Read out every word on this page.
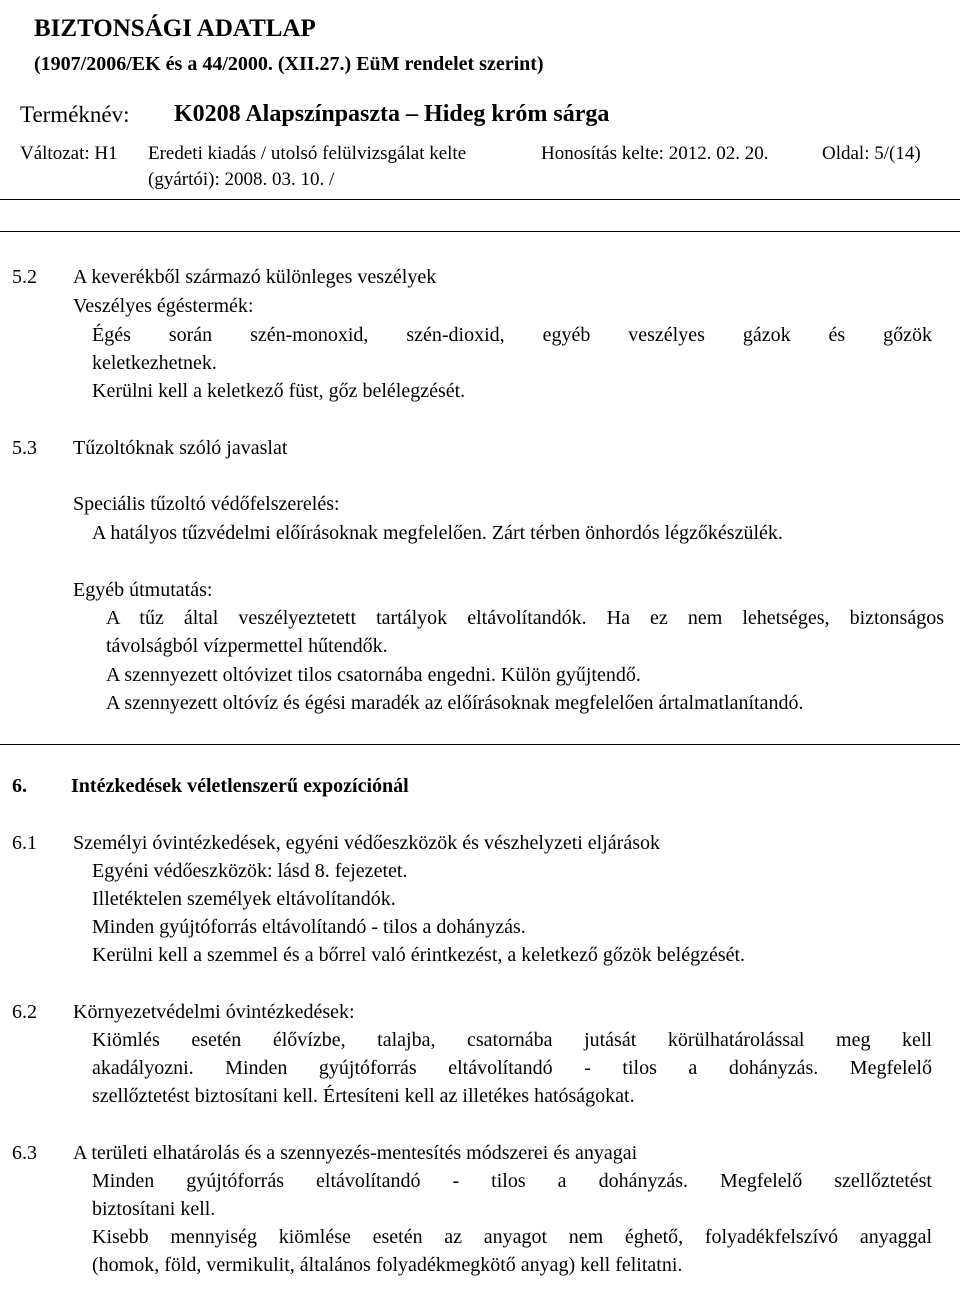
BIZTONSÁGI ADATLAP
(1907/2006/EK és a 44/2000. (XII.27.) EüM rendelet szerint)
Terméknév: K0208 Alapszínpaszta – Hideg króm sárga
Változat: H1 Eredeti kiadás / utolsó felülvizsgálat kelte
(gyártói): 2008. 03. 10. /
Honosítás kelte: 2012. 02. 20.	Oldal: 5/(14)
5.2 A keverékből származó különleges veszélyek
Veszélyes égéstermék:
Égés során szén-monoxid, szén-dioxid, egyéb veszélyes gázok és gőzök
keletkezhetnek.
Kerülni kell a keletkező füst, gőz belélegzését.
5.3 Tűzoltóknak szóló javaslat
Speciális tűzoltó védőfelszerelés:
A hatályos tűzvédelmi előírásoknak megfelelően. Zárt térben önhordós légzőkészülék.
Egyéb útmutatás:
A tűz által veszélyeztetett tartályok eltávolítandók. Ha ez nem lehetséges, biztonságos
távolságból vízpermettel hűtendők.
A szennyezett oltóvizet tilos csatornába engedni. Külön gyűjtendő.
A szennyezett oltóvíz és égési maradék az előírásoknak megfelelően ártalmatlanítandó.
6. Intézkedések véletlenszerű expozíciónál
6.1 Személyi óvintézkedések, egyéni védőeszközök és vészhelyzeti eljárások
Egyéni védőeszközök: lásd 8. fejezetet.
Illetéktelen személyek eltávolítandók.
Minden gyújtóforrás eltávolítandó - tilos a dohányzás.
Kerülni kell a szemmel és a bőrrel való érintkezést, a keletkező gőzök belégzését.
6.2 Környezetvédelmi óvintézkedések:
Kiömlés esetén élővízbe, talajba, csatornába jutását körülhatárolással meg kell
akadályozni. Minden gyújtóforrás eltávolítandó - tilos a dohányzás. Megfelelő
szellőztetést biztosítani kell. Értesíteni kell az illetékes hatóságokat.
6.3 A területi elhatárolás és a szennyezés-mentesítés módszerei és anyagai
Minden gyújtóforrás eltávolítandó - tilos a dohányzás. Megfelelő szellőztetést
biztosítani kell.
Kisebb mennyiség kiömlése esetén az anyagot nem éghető, folyadékfelszívó anyaggal
(homok, föld, vermikulit, általános folyadékmegkötő anyag) kell felitatni.
